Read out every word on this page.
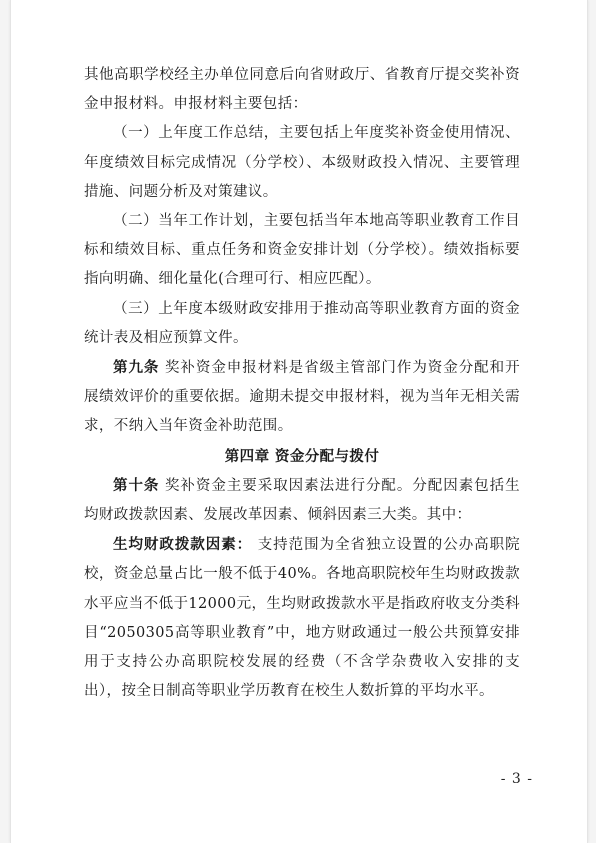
其他高职学校经主办单位同意后向省财政厅、省教育厅提交奖补资金申报材料。申报材料主要包括：

（一）上年度工作总结，主要包括上年度奖补资金使用情况、年度绩效目标完成情况（分学校）、本级财政投入情况、主要管理措施、问题分析及对策建议。

（二）当年工作计划，主要包括当年本地高等职业教育工作目标和绩效目标、重点任务和资金安排计划（分学校）。绩效指标要指向明确、细化量化(合理可行、相应匹配）。

（三）上年度本级财政安排用于推动高等职业教育方面的资金统计表及相应预算文件。

第九条 奖补资金申报材料是省级主管部门作为资金分配和开展绩效评价的重要依据。逾期未提交申报材料，视为当年无相关需求，不纳入当年资金补助范围。

第四章 资金分配与拨付

第十条 奖补资金主要采取因素法进行分配。分配因素包括生均财政拨款因素、发展改革因素、倾斜因素三大类。其中：

生均财政拨款因素： 支持范围为全省独立设置的公办高职院校，资金总量占比一般不低于40%。各地高职院校年生均财政拨款水平应当不低于12000元，生均财政拨款水平是指政府收支分类科目“2050305高等职业教育”中，地方财政通过一般公共预算安排用于支持公办高职院校发展的经费（不含学杂费收入安排的支出），按全日制高等职业学历教育在校生人数折算的平均水平。

- 3 -
